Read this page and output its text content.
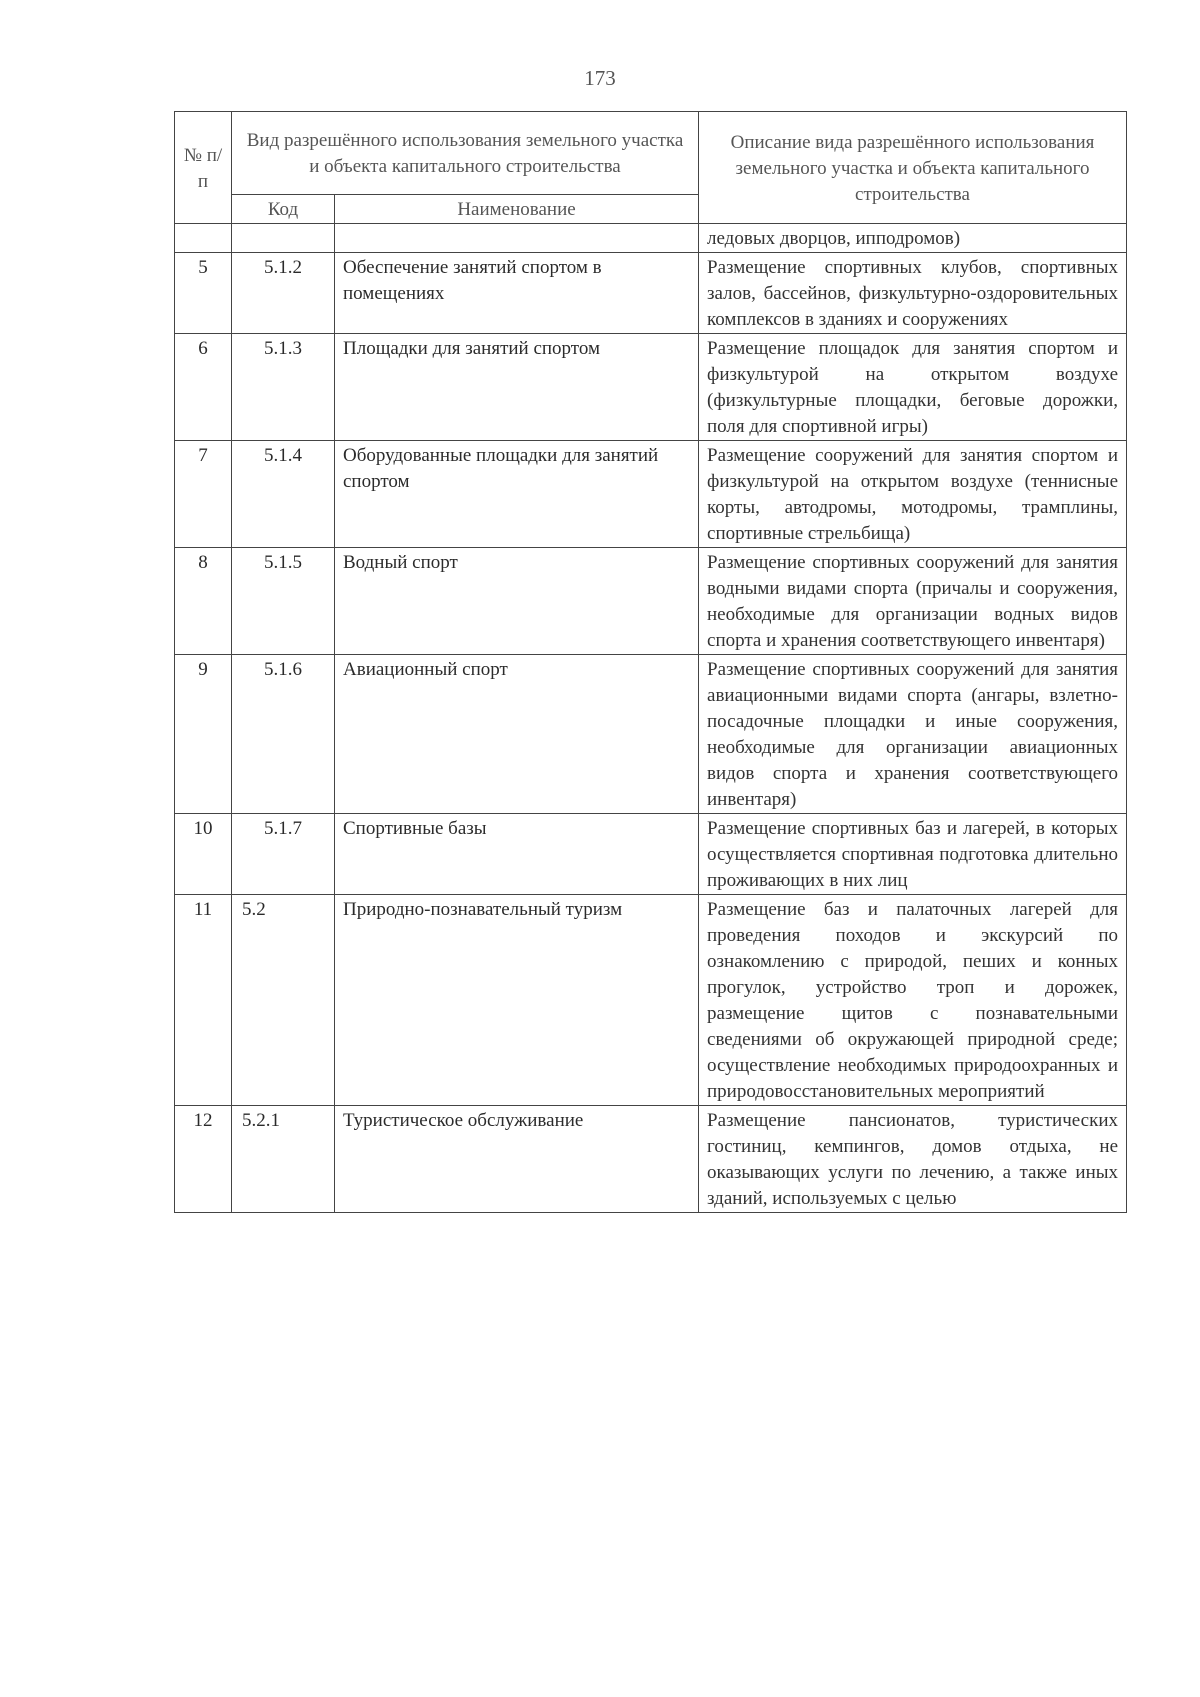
173
№ п/п	Вид разрешённого использования земельного участка и объекта капитального строительства		Описание вида разрешённого использования земельного участка и объекта капитального строительства
	Код	Наименование	
			ледовых дворцов, ипподромов)
5	5.1.2	Обеспечение занятий спортом в помещениях	Размещение спортивных клубов, спортивных залов, бассейнов, физкультурно-оздоровительных комплексов в зданиях и сооружениях
6	5.1.3	Площадки для занятий спортом	Размещение площадок для занятия спортом и физкультурой на открытом воздухе (физкультурные площадки, беговые дорожки, поля для спортивной игры)
7	5.1.4	Оборудованные площадки для занятий спортом	Размещение сооружений для занятия спортом и физкультурой на открытом воздухе (теннисные корты, автодромы, мотодромы, трамплины, спортивные стрельбища)
8	5.1.5	Водный спорт	Размещение спортивных сооружений для занятия водными видами спорта (причалы и сооружения, необходимые для организации водных видов спорта и хранения соответствующего инвентаря)
9	5.1.6	Авиационный спорт	Размещение спортивных сооружений для занятия авиационными видами спорта (ангары, взлетно-посадочные площадки и иные сооружения, необходимые для организации авиационных видов спорта и хранения соответствующего инвентаря)
10	5.1.7	Спортивные базы	Размещение спортивных баз и лагерей, в которых осуществляется спортивная подготовка длительно проживающих в них лиц
11	5.2	Природно-познавательный туризм	Размещение баз и палаточных лагерей для проведения походов и экскурсий по ознакомлению с природой, пеших и конных прогулок, устройство троп и дорожек, размещение щитов с познавательными сведениями об окружающей природной среде; осуществление необходимых природоохранных и природовосстановительных мероприятий
12	5.2.1	Туристическое обслуживание	Размещение пансионатов, туристических гостиниц, кемпингов, домов отдыха, не оказывающих услуги по лечению, а также иных зданий, используемых с целью
